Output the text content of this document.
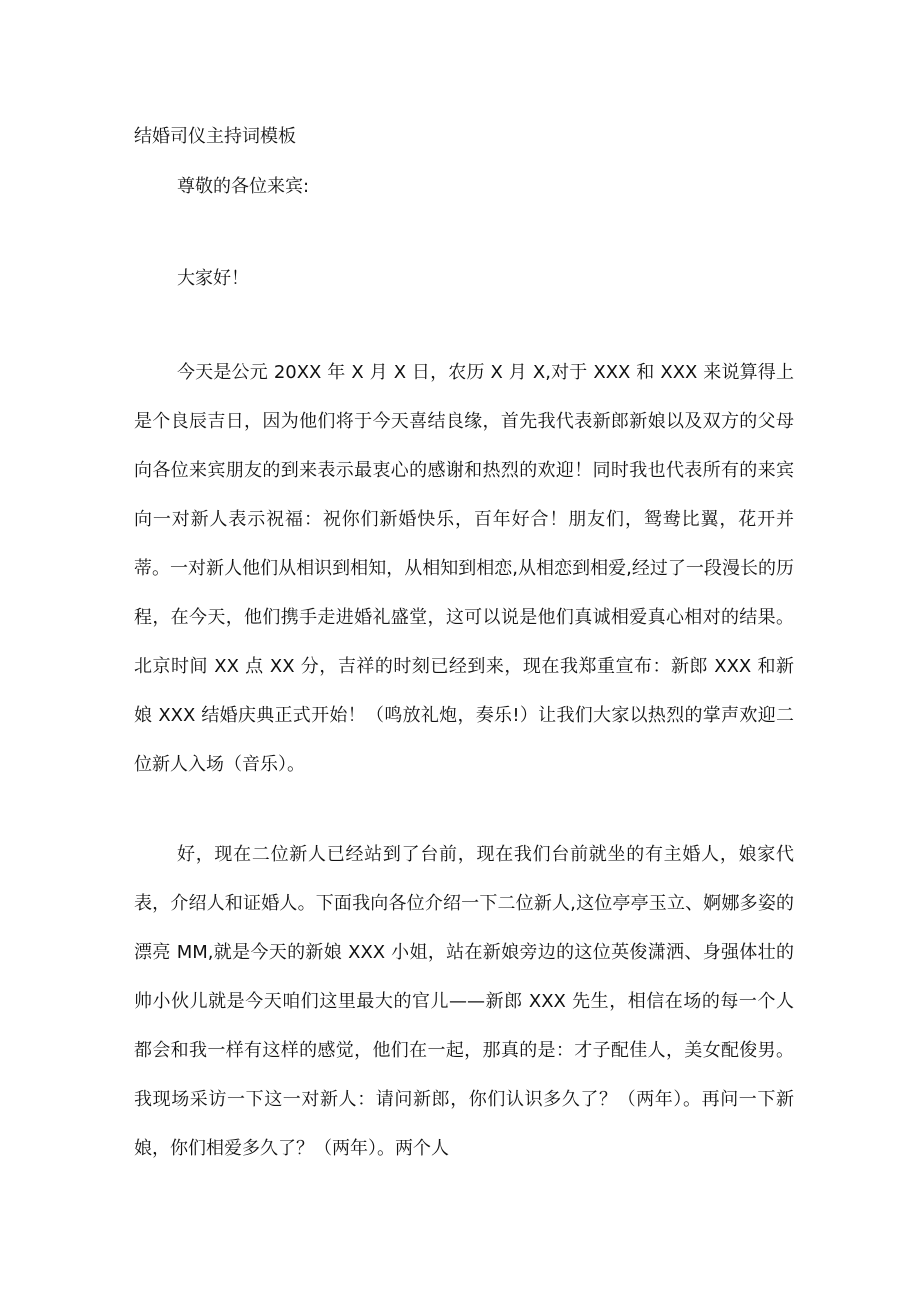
结婚司仪主持词模板
尊敬的各位来宾:
大家好！

今天是公元 20XX 年 X 月 X 日，农历 X 月 X,对于 XXX 和 XXX 来说算得上是个良辰吉日，因为他们将于今天喜结良缘，首先我代表新郎新娘以及双方的父母向各位来宾朋友的到来表示最衷心的感谢和热烈的欢迎！同时我也代表所有的来宾向一对新人表示祝福：祝你们新婚快乐，百年好合！朋友们，鸳鸯比翼，花开并蒂。一对新人他们从相识到相知，从相知到相恋,从相恋到相爱,经过了一段漫长的历程，在今天，他们携手走进婚礼盛堂，这可以说是他们真诚相爱真心相对的结果。北京时间 XX 点 XX 分，吉祥的时刻已经到来，现在我郑重宣布：新郎 XXX 和新娘 XXX 结婚庆典正式开始！（鸣放礼炮，奏乐!）让我们大家以热烈的掌声欢迎二位新人入场（音乐）。

好，现在二位新人已经站到了台前，现在我们台前就坐的有主婚人，娘家代表，介绍人和证婚人。下面我向各位介绍一下二位新人,这位亭亭玉立、婀娜多姿的漂亮 MM,就是今天的新娘 XXX 小姐，站在新娘旁边的这位英俊潇洒、身强体壮的帅小伙儿就是今天咱们这里最大的官儿——新郎 XXX 先生，相信在场的每一个人都会和我一样有这样的感觉，他们在一起，那真的是：才子配佳人，美女配俊男。我现场采访一下这一对新人：请问新郎，你们认识多久了？（两年）。再问一下新娘，你们相爱多久了？（两年）。两个人
